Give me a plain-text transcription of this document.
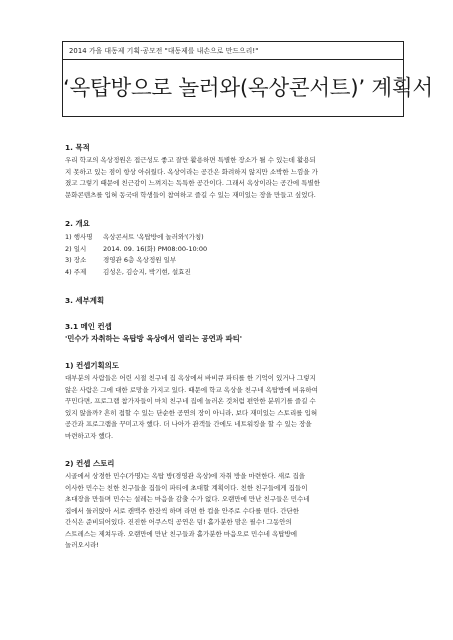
2014 가을 대동제 기획·공모전 "대동제를 내손으로 만드으리!"
‘옥탑방으로 놀러와(옥상콘서트)’ 계획서

1. 목적

우리 학교의 옥상정원은 접근성도 좋고 잘만 활용하면 특별한 장소가 될 수 있는데 활용되
지 못하고 있는 점이 항상 아쉬웠다. 옥상이라는 공간은 화려하지 않지만 소박한 느낌을 가
졌고 그렇기 때문에 친근감이 느껴지는 독특한 공간이다. 그래서 옥상이라는 공간에 특별한
문화콘텐츠를 입혀 동국대 학생들이 참여하고 즐길 수 있는 재미있는 장을 만들고 싶었다.

2. 개요

1) 행사명 옥상콘서트 '옥탑방에 놀러와'(가칭)
2) 일시	2014. 09. 16(화) PM08:00-10:00
3) 장소	경영관 6층 옥상정원 일부
4) 주제	김성은, 김승지, 박기현, 설효진

3. 세부계획

3.1 메인 컨셉

'민수가 자취하는 옥탑방 옥상에서 열리는 공연과 파티'

1) 컨셉기획의도

대부분의 사람들은 어린 시절 친구네 집 옥상에서 바비큐 파티를 한 기억이 있거나 그렇지
않은 사람은 그에 대한 로망을 가지고 있다. 때문에 학교 옥상을 친구네 옥탑방에 비유하여
꾸민다면, 프로그램 참가자들이 마치 친구네 집에 놀러온 것처럼 편안한 분위기를 즐길 수
있지 않을까? 흔히 접할 수 있는 단순한 공연의 장이 아니라, 보다 재미있는 스토리를 입혀
공간과 프로그램을 꾸미고자 했다. 더 나아가 관객들 간에도 네트워킹을 할 수 있는 장을
마련하고자 했다.

2) 컨셉 스토리

시골에서 상경한 민수(가명)는 옥탑 방(경영관 옥상)에 자취 방을 마련한다. 새로 집을
이사한 민수는 친한 친구들을 집들이 파티에 초대할 계획이다. 친한 친구들에게 집들이
초대장을 만들며 민수는 설레는 마음을 감출 수가 없다. 오랜만에 만난 친구들은 민수네
집에서 둘러앉아 서로 캔맥주 한잔씩 하며 라면 한 컵을 안주로 수다를 떤다. 간단한
간식은 준비되어있다. 진진한 어쿠스틱 공연은 덤! 홀가분한 맘은 필수! 그동안의
스트레스는 제쳐두라. 오랜만에 만난 친구들과 홀가분한 마음으로 민수네 옥탑방에
놀러오시라!
